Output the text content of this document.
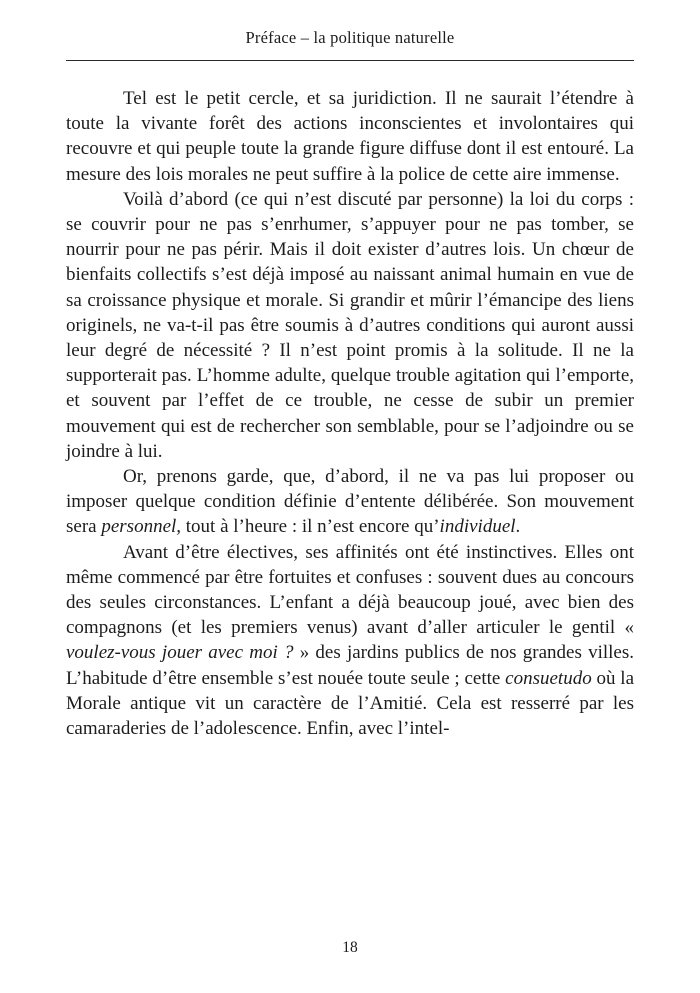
Préface – la politique naturelle

Tel est le petit cercle, et sa juridiction. Il ne saurait l’étendre à toute la vivante forêt des actions inconscientes et involontaires qui recouvre et qui peuple toute la grande figure diffuse dont il est entouré. La mesure des lois morales ne peut suffire à la police de cette aire immense.

Voilà d’abord (ce qui n’est discuté par personne) la loi du corps : se couvrir pour ne pas s’enrhumer, s’appuyer pour ne pas tomber, se nourrir pour ne pas périr. Mais il doit exister d’autres lois. Un chœur de bienfaits collectifs s’est déjà imposé au naissant animal humain en vue de sa croissance physique et morale. Si grandir et mûrir l’émancipe des liens originels, ne va-t-il pas être soumis à d’autres conditions qui auront aussi leur degré de nécessité ? Il n’est point promis à la solitude. Il ne la supporterait pas. L’homme adulte, quelque trouble agitation qui l’emporte, et souvent par l’effet de ce trouble, ne cesse de subir un premier mouvement qui est de rechercher son semblable, pour se l’adjoindre ou se joindre à lui.

Or, prenons garde, que, d’abord, il ne va pas lui proposer ou imposer quelque condition définie d’entente délibérée. Son mouvement sera personnel, tout à l’heure : il n’est encore qu’individuel.

Avant d’être électives, ses affinités ont été instinctives. Elles ont même commencé par être fortuites et confuses : souvent dues au concours des seules circonstances. L’enfant a déjà beaucoup joué, avec bien des compagnons (et les premiers venus) avant d’aller articuler le gentil « voulez-vous jouer avec moi ? » des jardins publics de nos grandes villes. L’habitude d’être ensemble s’est nouée toute seule ; cette consuetudo où la Morale antique vit un caractère de l’Amitié. Cela est resserré par les camaraderies de l’adolescence. Enfin, avec l’intel-

18
